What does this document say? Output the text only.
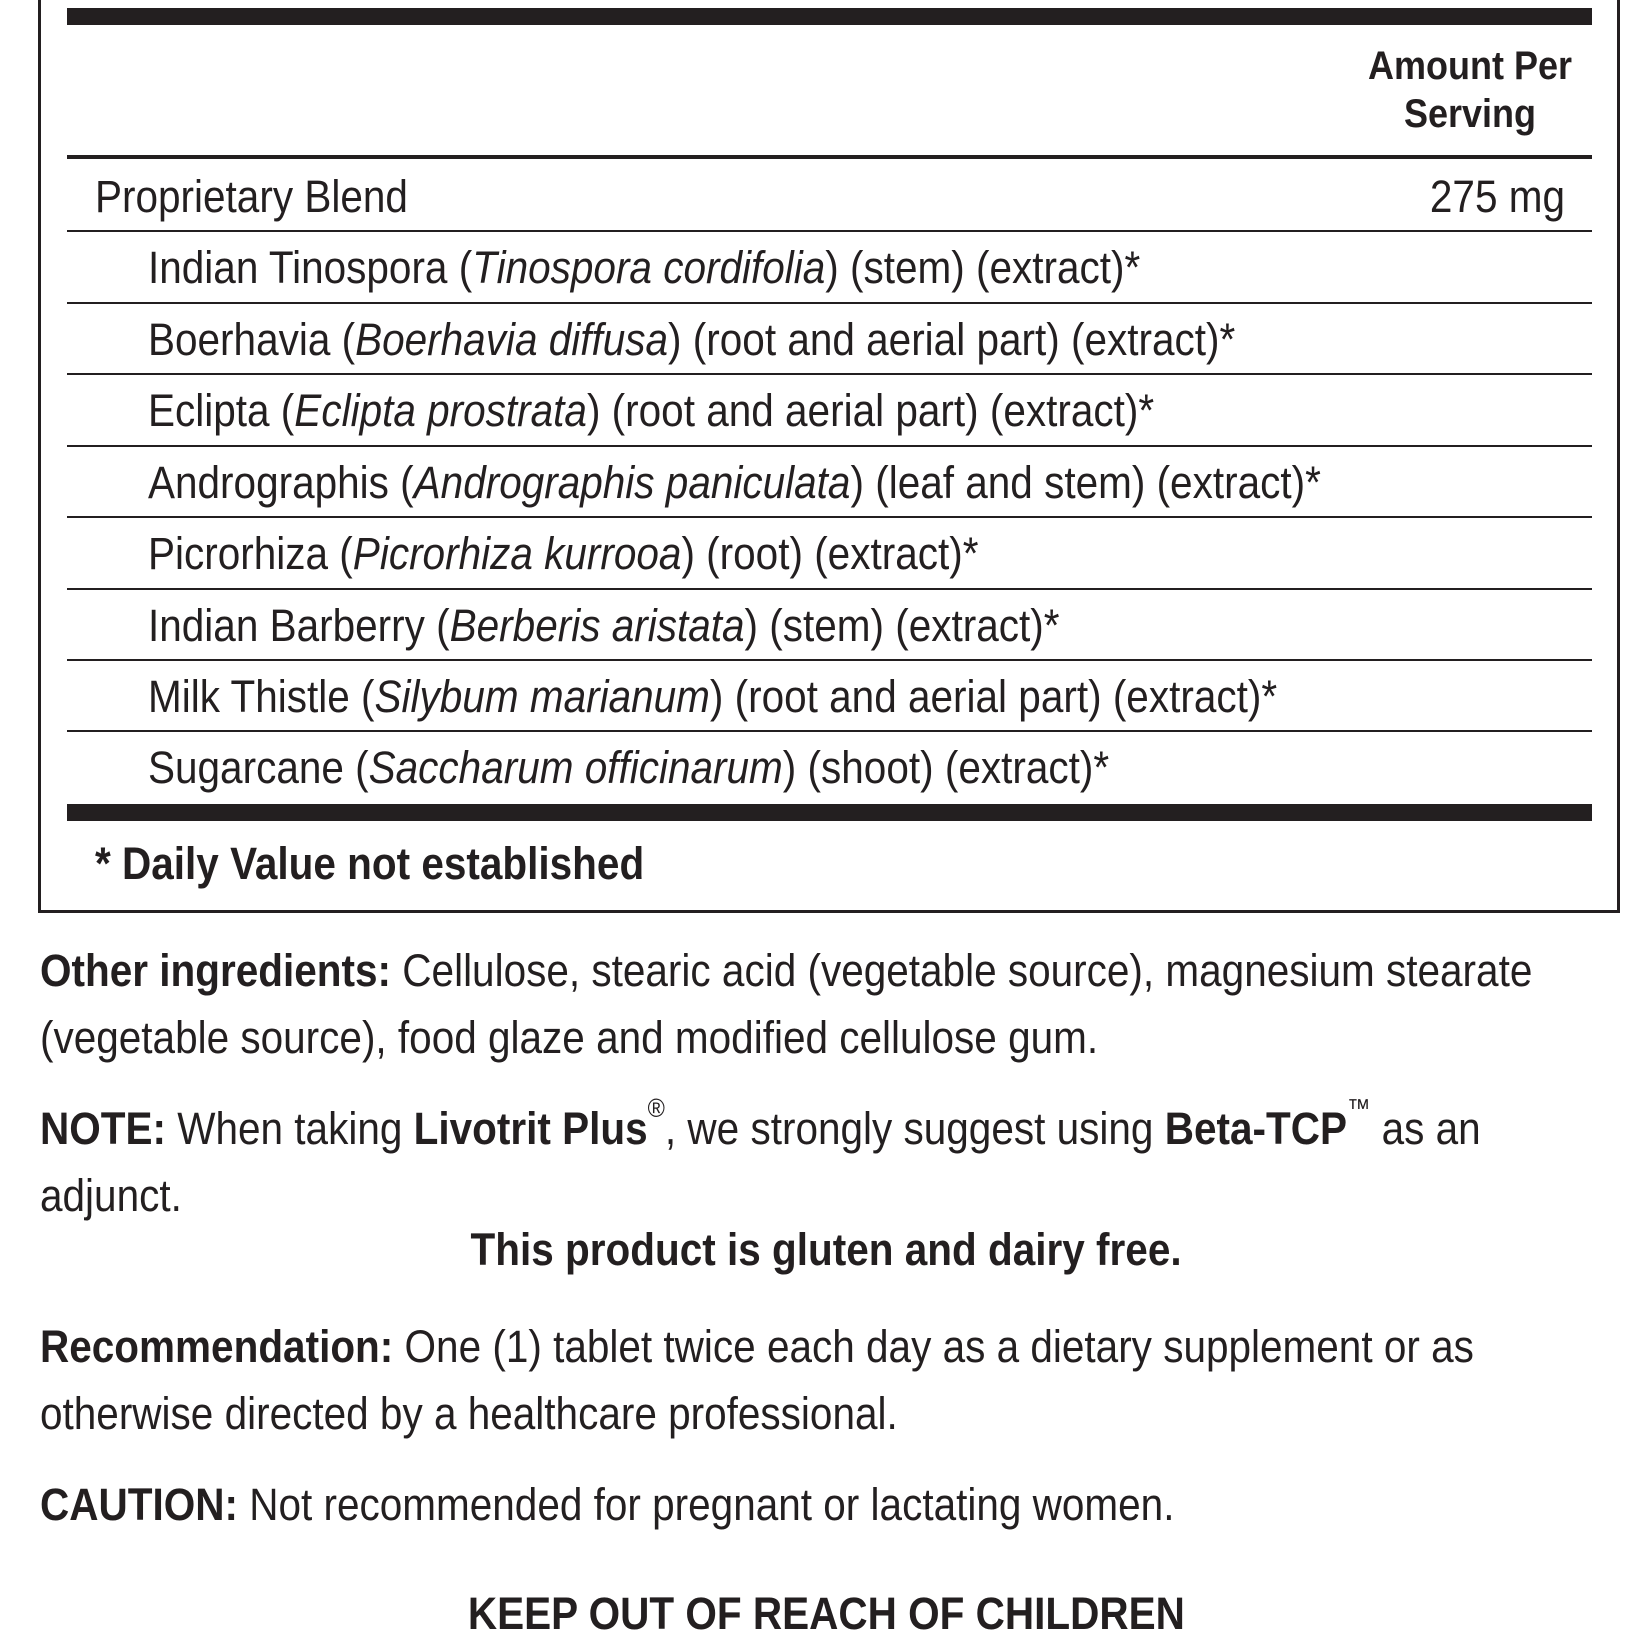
Amount Per Serving
Proprietary Blend	275 mg
Indian Tinospora ( Tinospora cordifolia ) (stem) (extract)*
Boerhavia ( Boerhavia diffusa ) (root and aerial part) (extract)*
Eclipta ( Eclipta prostrata ) (root and aerial part) (extract)*
Andrographis ( Andrographis paniculata ) (leaf and stem) (extract)*
Picrorhiza ( Picrorhiza kurrooa ) (root) (extract)*
Indian Barberry ( Berberis aristata ) (stem) (extract)*
Milk Thistle ( Silybum marianum ) (root and aerial part) (extract)*
Sugarcane ( Saccharum officinarum ) (shoot) (extract)*
* Daily Value not established
Other ingredients: Cellulose, stearic acid (vegetable source), magnesium stearate (vegetable source), food glaze and modified cellulose gum.
NOTE: When taking Livotrit Plus®, we strongly suggest using Beta-TCP™ as an adjunct.
This product is gluten and dairy free.
Recommendation: One (1) tablet twice each day as a dietary supplement or as otherwise directed by a healthcare professional.
CAUTION: Not recommended for pregnant or lactating women.
KEEP OUT OF REACH OF CHILDREN
